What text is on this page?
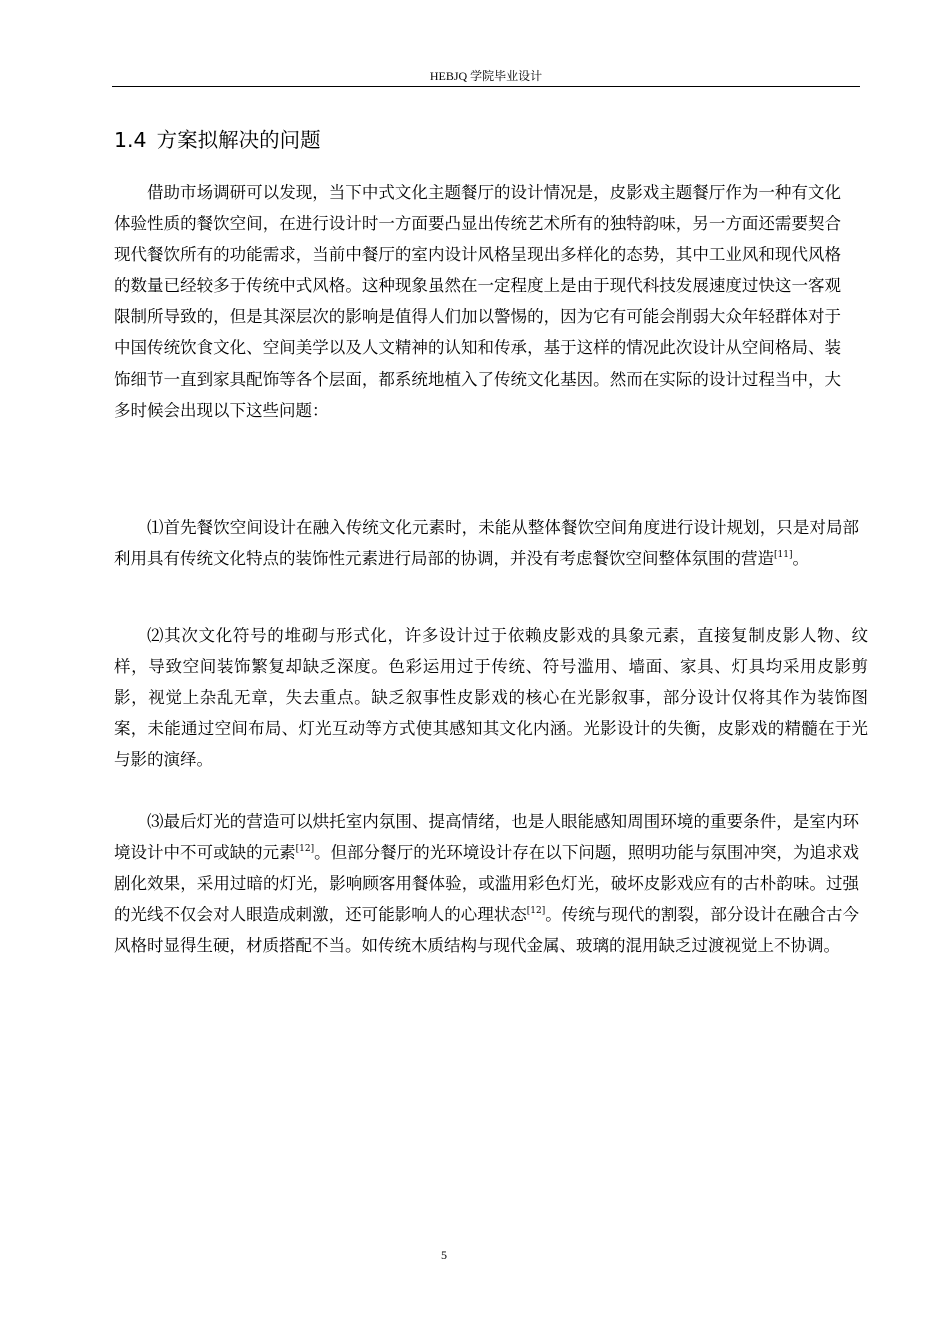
HEBJQ 学院毕业设计
1.4 方案拟解决的问题

借助市场调研可以发现，当下中式文化主题餐厅的设计情况是，皮影戏主题餐厅作为一种有文化体验性质的餐饮空间，在进行设计时一方面要凸显出传统艺术所有的独特韵味，另一方面还需要契合现代餐饮所有的功能需求，当前中餐厅的室内设计风格呈现出多样化的态势，其中工业风和现代风格的数量已经较多于传统中式风格。这种现象虽然在一定程度上是由于现代科技发展速度过快这一客观限制所导致的，但是其深层次的影响是值得人们加以警惕的，因为它有可能会削弱大众年轻群体对于中国传统饮食文化、空间美学以及人文精神的认知和传承，基于这样的情况此次设计从空间格局、装饰细节一直到家具配饰等各个层面，都系统地植入了传统文化基因。然而在实际的设计过程当中，大多时候会出现以下这些问题：

⑴首先餐饮空间设计在融入传统文化元素时，未能从整体餐饮空间角度进行设计规划，只是对局部利用具有传统文化特点的装饰性元素进行局部的协调，并没有考虑餐饮空间整体氛围的营造[11]。

⑵其次文化符号的堆砌与形式化，许多设计过于依赖皮影戏的具象元素，直接复制皮影人物、纹样，导致空间装饰繁复却缺乏深度。色彩运用过于传统、符号滥用、墙面、家具、灯具均采用皮影剪影，视觉上杂乱无章，失去重点。缺乏叙事性皮影戏的核心在光影叙事，部分设计仅将其作为装饰图案，未能通过空间布局、灯光互动等方式使其感知其文化内涵。光影设计的失衡，皮影戏的精髓在于光与影的演绎。

⑶最后灯光的营造可以烘托室内氛围、提高情绪，也是人眼能感知周围环境的重要条件，是室内环境设计中不可或缺的元素[12]。但部分餐厅的光环境设计存在以下问题，照明功能与氛围冲突，为追求戏剧化效果，采用过暗的灯光，影响顾客用餐体验，或滥用彩色灯光，破坏皮影戏应有的古朴韵味。过强的光线不仅会对人眼造成刺激，还可能影响人的心理状态[12]。传统与现代的割裂，部分设计在融合古今风格时显得生硬，材质搭配不当。如传统木质结构与现代金属、玻璃的混用缺乏过渡视觉上不协调。

5
